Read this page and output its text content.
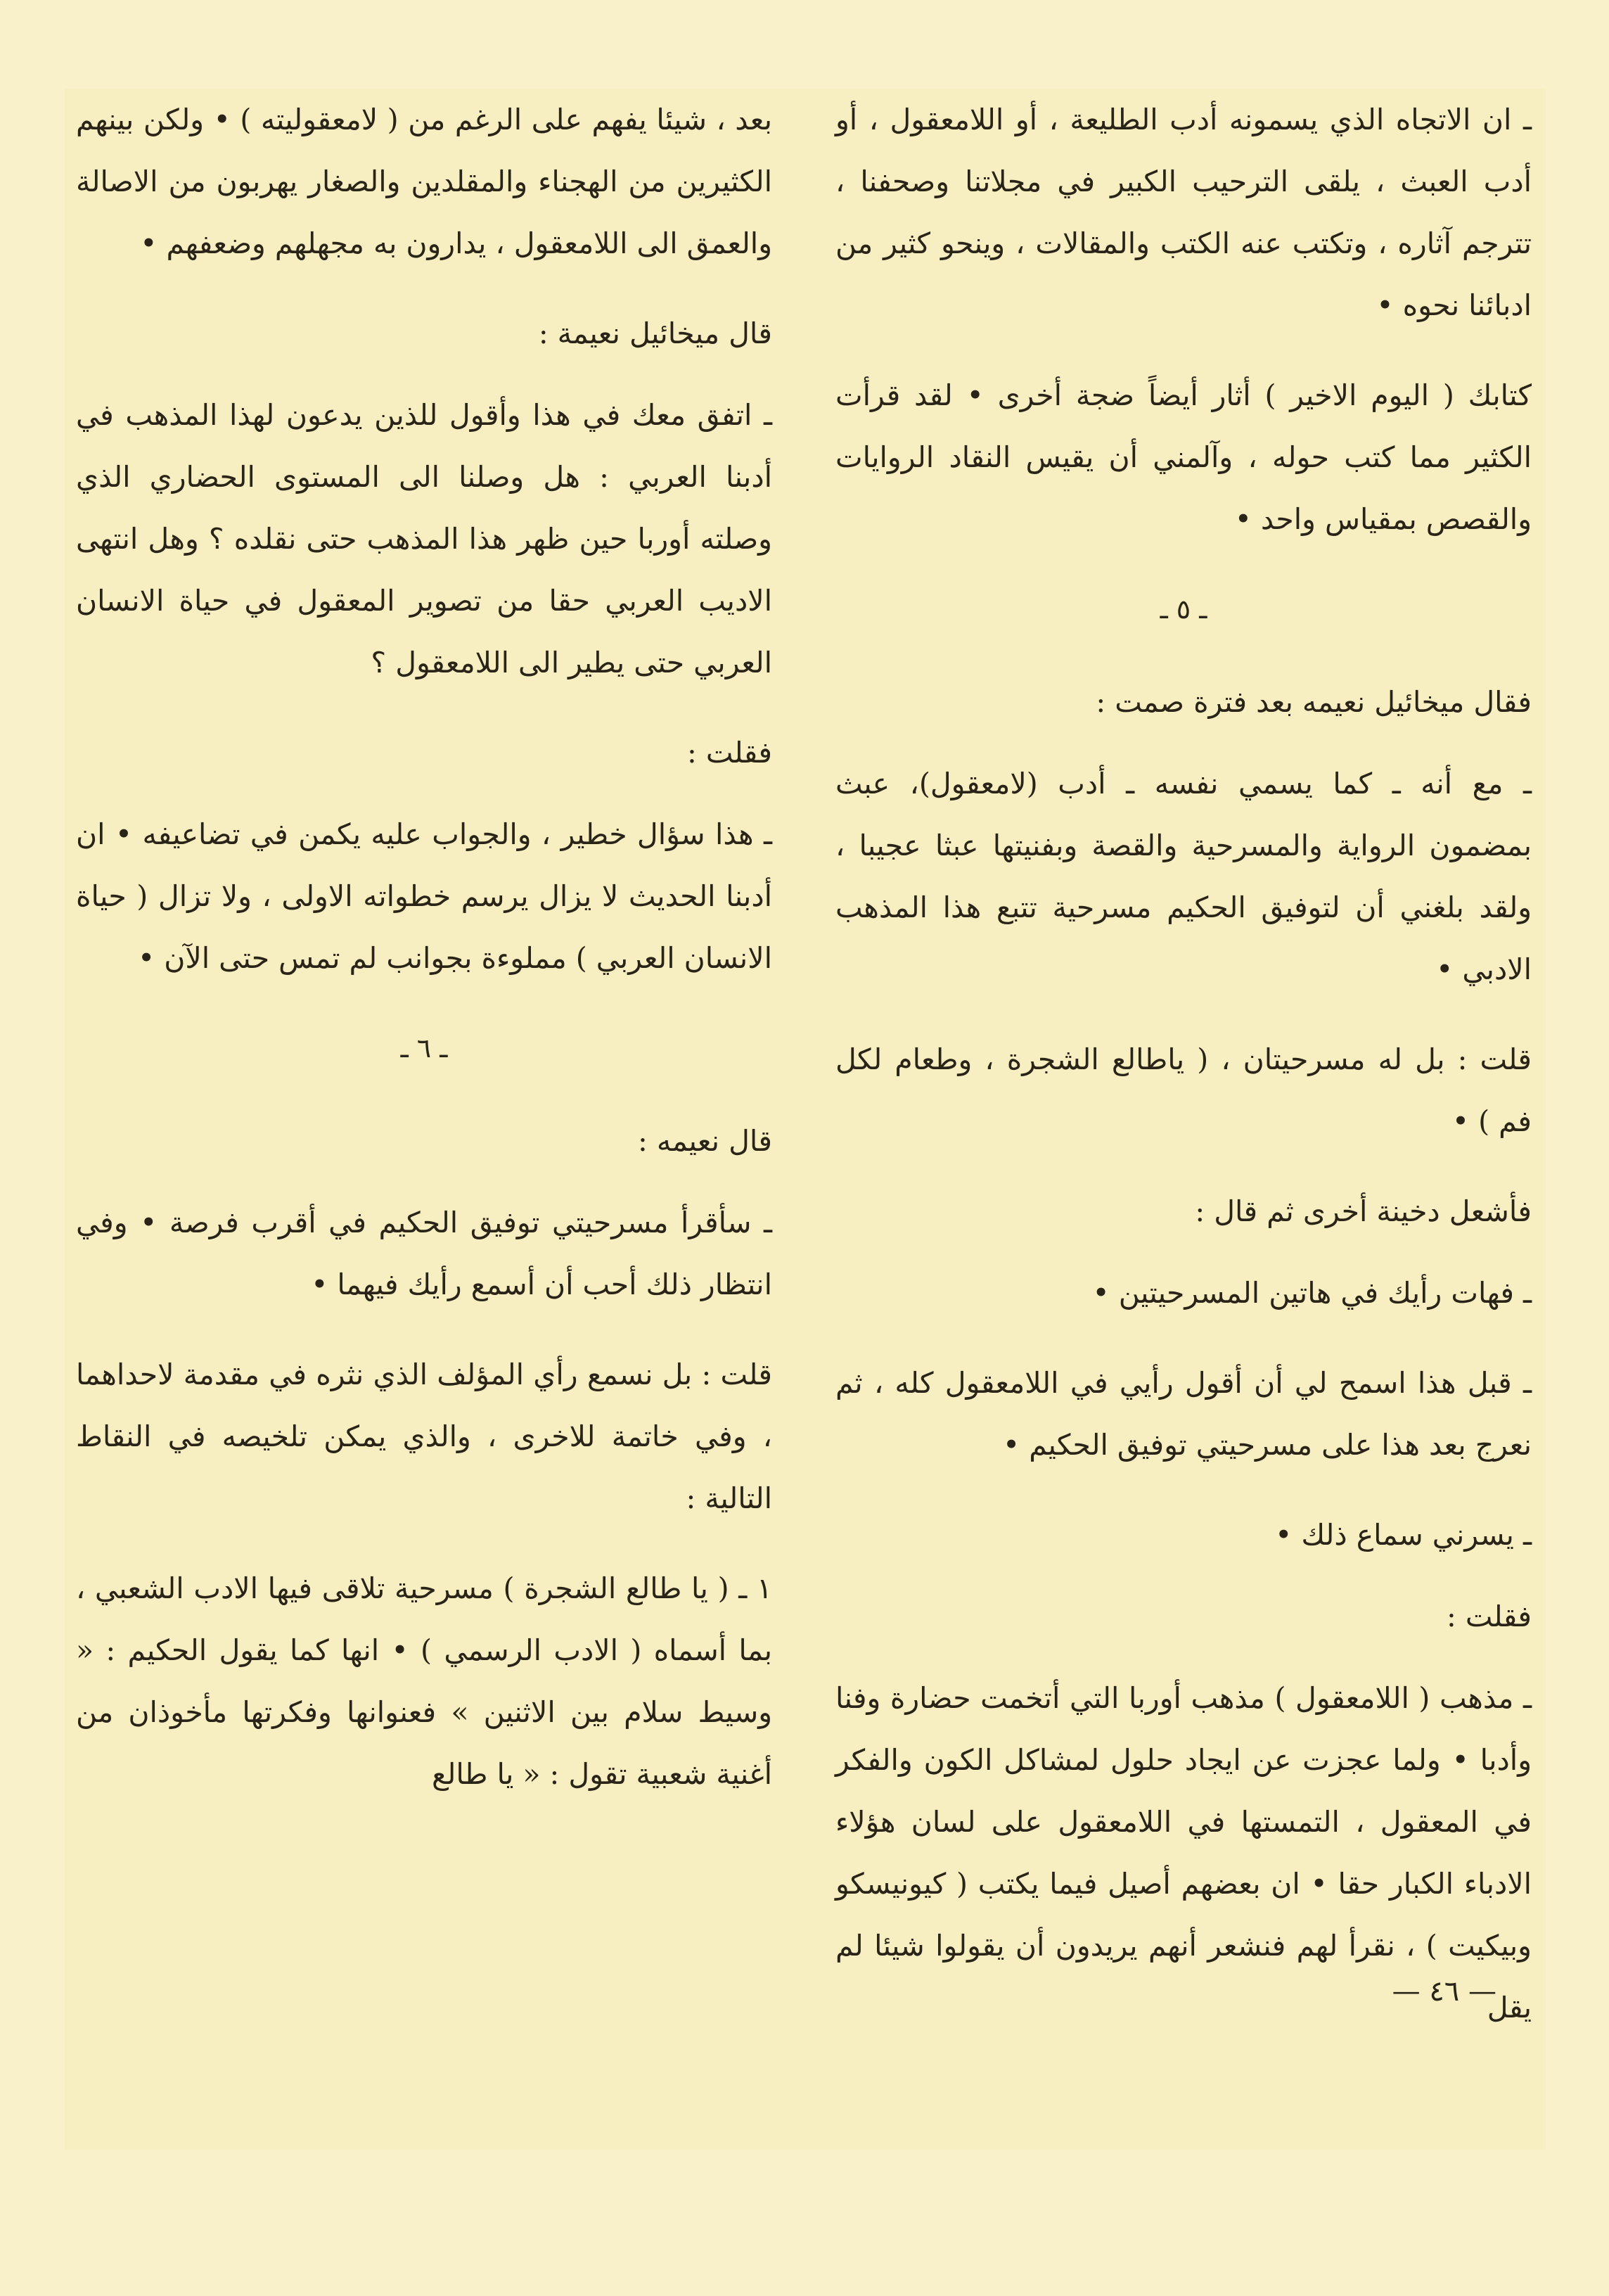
ـ ان الاتجاه الذي يسمونه أدب الطليعة ، أو اللامعقول ، أو أدب العبث ، يلقى الترحيب الكبير في مجلاتنا وصحفنا ، تترجم آثاره ، وتكتب عنه الكتب والمقالات ، وينحو كثير من ادبائنا نحوه •

كتابك ( اليوم الاخير ) أثار أيضاً ضجة أخرى • لقد قرأت الكثير مما كتب حوله ، وآلمني أن يقيس النقاد الروايات والقصص بمقياس واحد •

ـ ٥ ـ

فقال ميخائيل نعيمه بعد فترة صمت :

ـ مع أنه ـ كما يسمي نفسه ـ أدب (لامعقول)، عبث بمضمون الرواية والمسرحية والقصة وبفنيتها عبثا عجيبا ، ولقد بلغني أن لتوفيق الحكيم مسرحية تتبع هذا المذهب الادبي •

قلت : بل له مسرحيتان ، ( ياطالع الشجرة ، وطعام لكل فم ) •

فأشعل دخينة أخرى ثم قال :

ـ فهات رأيك في هاتين المسرحيتين •

ـ قبل هذا اسمح لي أن أقول رأيي في اللامعقول كله ، ثم نعرج بعد هذا على مسرحيتي توفيق الحكيم •

ـ يسرني سماع ذلك •

فقلت :

ـ مذهب ( اللامعقول ) مذهب أوربا التي أتخمت حضارة وفنا وأدبا • ولما عجزت عن ايجاد حلول لمشاكل الكون والفكر في المعقول ، التمستها في اللامعقول على لسان هؤلاء الادباء الكبار حقا • ان بعضهم أصيل فيما يكتب ( كيونيسكو وبيكيت ) ، نقرأ لهم فنشعر أنهم يريدون أن يقولوا شيئا لم يقل

بعد ، شيئا يفهم على الرغم من ( لامعقوليته ) • ولكن بينهم الكثيرين من الهجناء والمقلدين والصغار يهربون من الاصالة والعمق الى اللامعقول ، يدارون به مجهلهم وضعفهم •

قال ميخائيل نعيمة :

ـ اتفق معك في هذا وأقول للذين يدعون لهذا المذهب في أدبنا العربي : هل وصلنا الى المستوى الحضاري الذي وصلته أوربا حين ظهر هذا المذهب حتى نقلده ؟ وهل انتهى الاديب العربي حقا من تصوير المعقول في حياة الانسان العربي حتى يطير الى اللامعقول ؟

فقلت :

ـ هذا سؤال خطير ، والجواب عليه يكمن في تضاعيفه • ان أدبنا الحديث لا يزال يرسم خطواته الاولى ، ولا تزال ( حياة الانسان العربي ) مملوءة بجوانب لم تمس حتى الآن •

ـ ٦ ـ

قال نعيمه :

ـ سأقرأ مسرحيتي توفيق الحكيم في أقرب فرصة • وفي انتظار ذلك أحب أن أسمع رأيك فيهما •

قلت : بل نسمع رأي المؤلف الذي نثره في مقدمة لاحداهما ، وفي خاتمة للاخرى ، والذي يمكن تلخيصه في النقاط التالية :

١ ـ ( يا طالع الشجرة ) مسرحية تلاقى فيها الادب الشعبي ، بما أسماه ( الادب الرسمي ) • انها كما يقول الحكيم : « وسيط سلام بين الاثنين » فعنوانها وفكرتها مأخوذان من أغنية شعبية تقول : « يا طالع

— ٤٦ —
